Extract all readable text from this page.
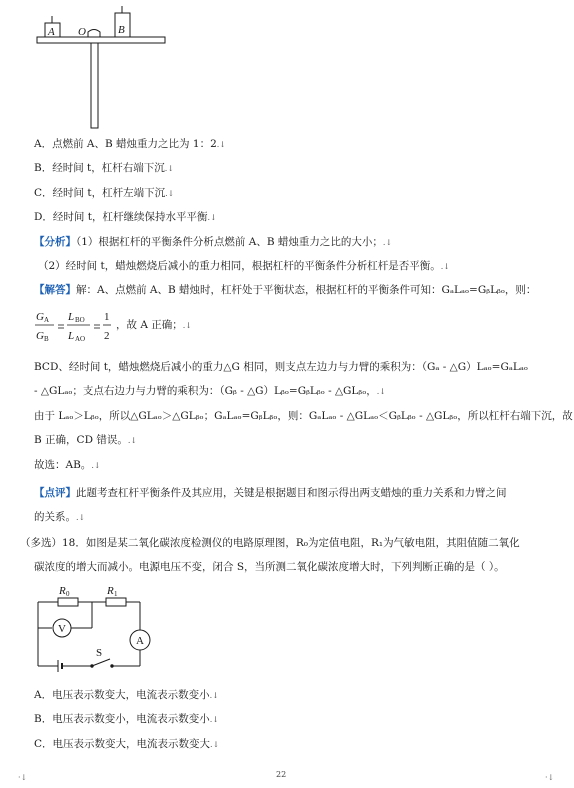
A O	B
A．点燃前 A、B 蜡烛重力之比为 1：2.↓
B．经时间 t，杠杆右端下沉.↓
C．经时间 t，杠杆左端下沉.↓
D．经时间 t，杠杆继续保持水平平衡.↓
【分析】（1）根据杠杆的平衡条件分析点燃前 A、B 蜡烛重力之比的大小；.↓
（2）经时间 t，蜡烛燃烧后减小的重力相同，根据杠杆的平衡条件分析杠杆是否平衡。.↓
【解答】解：A、点燃前 A、B 蜡烛时，杠杆处于平衡状态，根据杠杆的平衡条件可知：GₐLₐₒ=GᵦLᵦₒ，则：
G A
G B
L BO
L AO
1
2
，故 A 正确；.↓
BCD、经时间 t，蜡烛燃烧后减小的重力△G 相同，则支点左边力与力臂的乘积为：（Gₐ - △G）Lₐₒ=GₐLₐₒ
- △GLₐₒ；支点右边力与力臂的乘积为：（Gᵦ - △G）Lᵦₒ=GᵦLᵦₒ - △GLᵦₒ，.↓
由于 Lₐₒ＞Lᵦₒ，所以△GLₐₒ＞△GLᵦₒ；GₐLₐₒ=GᵦLᵦₒ，则：GₐLₐₒ - △GLₐₒ＜GᵦLᵦₒ - △GLᵦₒ，所以杠杆右端下沉，故
B 正确，CD 错误。.↓
故选：AB。.↓
【点评】此题考查杠杆平衡条件及其应用，关键是根据题目和图示得出两支蜡烛的重力关系和力臂之间
的关系。.↓
（多选）18．如图是某二氧化碳浓度检测仪的电路原理图，R₀为定值电阻，R₁为气敏电阻，其阻值随二氧化
碳浓度的增大而减小。电源电压不变，闭合 S，当所测二氧化碳浓度增大时，下列判断正确的是（ ）。
R 0	R 1
V
A
S
A．电压表示数变大，电流表示数变小.↓
B．电压表示数变小，电流表示数变小.↓
C．电压表示数变大，电流表示数变大.↓
22
·↓	·↓
